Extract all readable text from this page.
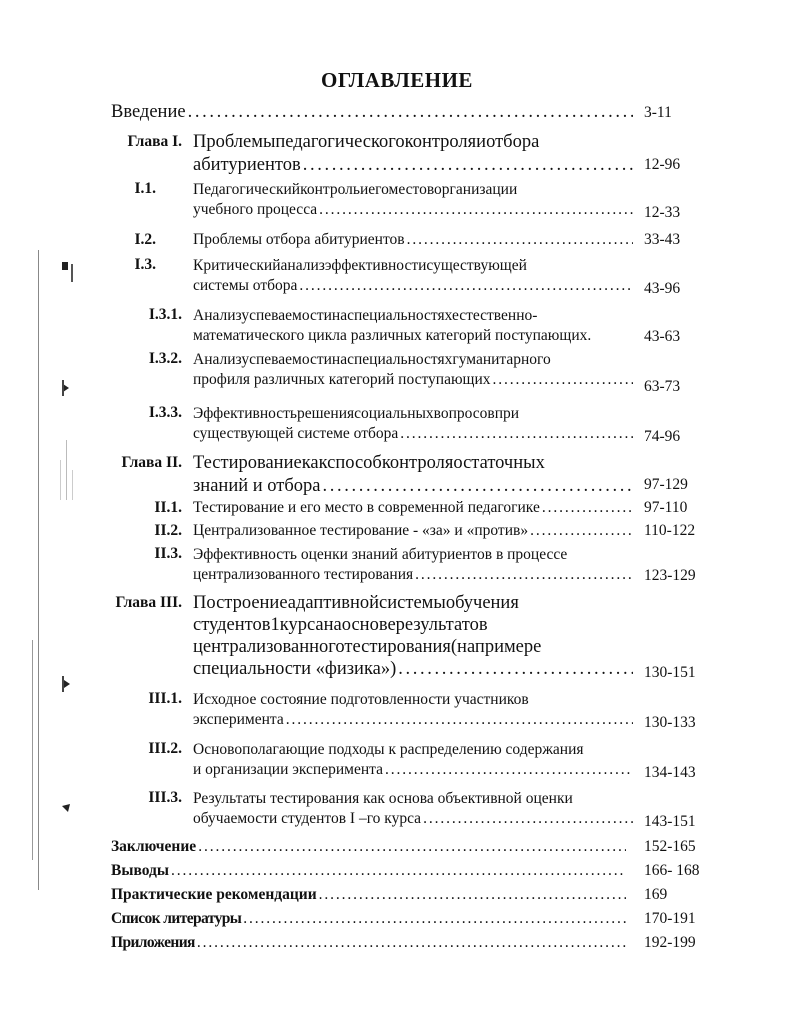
ОГЛАВЛЕНИЕ
Введение . . .	3-11
Глава I. Проблемыпедагогическогоконтроляиотбора
абитуриентов . . .	12-96
I.1. Педагогическийконтрольиегоместоворганизации
учебного процесса . . .	12-33
I.2. Проблемы отбора абитуриентов . . .	33-43
I.3. Критическийанализэффективностисуществующей
системы отбора . . .	43-96
I.3.1. Анализуспеваемостинаспециальностяхестественно-
математического цикла различных категорий поступающих.	43-63
I.3.2. Анализуспеваемостинаспециальностяхгуманитарного
профиля различных категорий поступающих . . .	63-73
I.3.3. Эффективностьрешениясоциальныхвопросовпри
существующей системе отбора . . .	74-96
Глава II. Тестированиекакспособконтроляостаточных
знаний и отбора . . .	97-129
II.1. Тестирование и его место в современной педагогике . . .	97-110
II.2. Централизованное тестирование - «за» и «против» . . .	110-122
II.3. Эффективность оценки знаний абитуриентов в процессе
централизованного тестирования . . .	123-129
Глава III. Построениеадаптивнойсистемыобучения
студентов1курсанаосноверезультатов
централизованноготестирования(напримере
специальности «физика») . . .	130-151
III.1. Исходное состояние подготовленности участников
эксперимента . . .	130-133
III.2. Основополагающие подходы к распределению содержания
и организации эксперимента . . .	134-143
III.3. Результаты тестирования как основа объективной оценки
обучаемости студентов I –го курса . . .	143-151
Заключение . . .	152-165
Выводы . . .	166- 168
Практические рекомендации . . .	169
Список литературы . . .	170-191
Приложения . . .	192-199
